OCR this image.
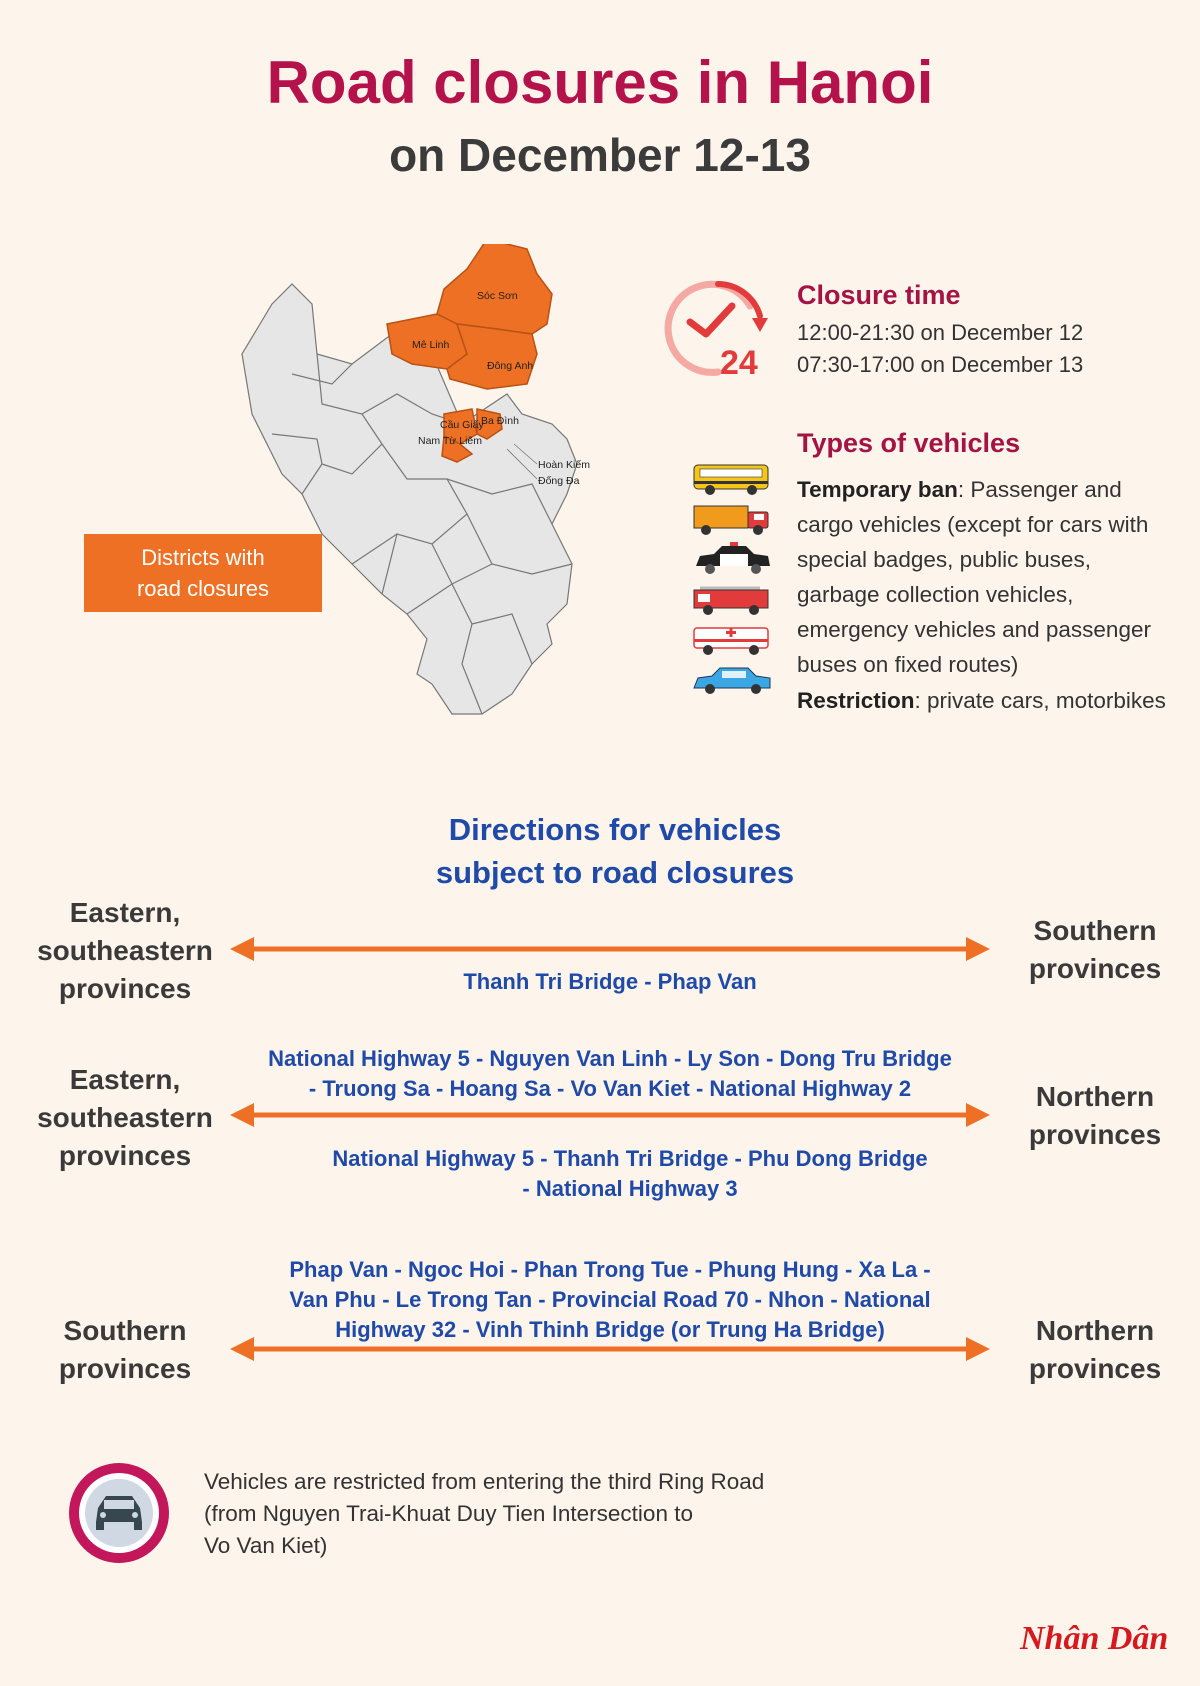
Road closures in Hanoi
on December 12-13
Sóc Sơn
Mê Linh
Đông Anh
Cầu Giấy
Ba Đình
Nam Từ Liêm
Hoàn Kiếm
Đống Đa
Districts with
road closures
24
Closure time
12:00-21:30 on December 12
07:30-17:00 on December 13
Types of vehicles

Temporary ban: Passenger and cargo vehicles (except for cars with special badges, public buses, garbage collection vehicles, emergency vehicles and passenger buses on fixed routes)
Restriction: private cars, motorbikes
Directions for vehicles
subject to road closures
Eastern,
southeastern
provinces	Thanh Tri Bridge - Phap Van
Southern
provinces
National Highway 5 - Nguyen Van Linh - Ly Son - Dong Tru Bridge
- Truong Sa - Hoang Sa - Vo Van Kiet - National Highway 2
Eastern,
southeastern
provinces	National Highway 5 - Thanh Tri Bridge - Phu Dong Bridge
- National Highway 3
Northern
provinces
Phap Van - Ngoc Hoi - Phan Trong Tue - Phung Hung - Xa La -
Van Phu - Le Trong Tan - Provincial Road 70 - Nhon - National
Highway 32 - Vinh Thinh Bridge (or Trung Ha Bridge)
Southern
provinces
Northern
provinces
Vehicles are restricted from entering the third Ring Road
(from Nguyen Trai-Khuat Duy Tien Intersection to
Vo Van Kiet)
Nhân Dân
